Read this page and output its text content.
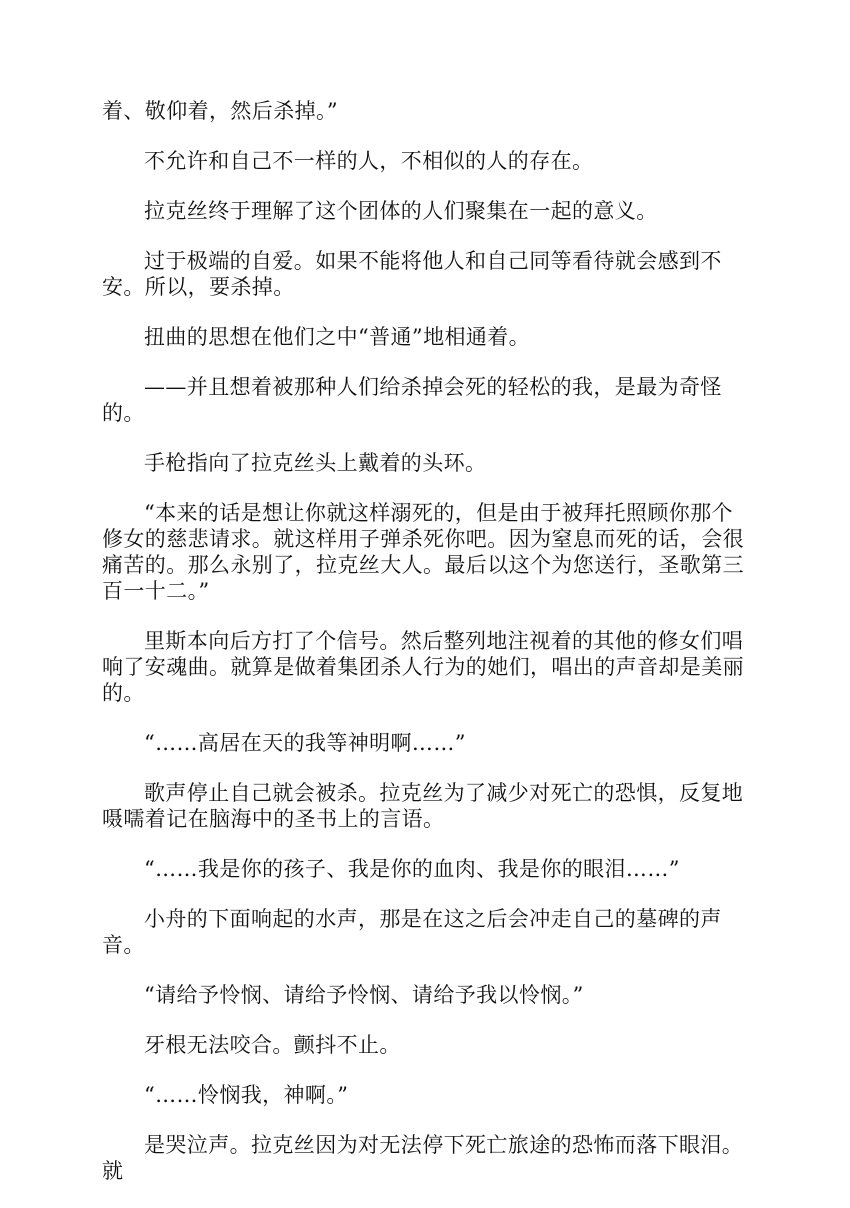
着、敬仰着，然后杀掉。”

不允许和自己不一样的人，不相似的人的存在。

拉克丝终于理解了这个团体的人们聚集在一起的意义。

过于极端的自爱。如果不能将他人和自己同等看待就会感到不安。所以，要杀掉。

扭曲的思想在他们之中“普通”地相通着。

——并且想着被那种人们给杀掉会死的轻松的我，是最为奇怪的。

手枪指向了拉克丝头上戴着的头环。

“本来的话是想让你就这样溺死的，但是由于被拜托照顾你那个修女的慈悲请求。就这样用子弹杀死你吧。因为窒息而死的话，会很痛苦的。那么永别了，拉克丝大人。最后以这个为您送行，圣歌第三百一十二。”

里斯本向后方打了个信号。然后整列地注视着的其他的修女们唱响了安魂曲。就算是做着集团杀人行为的她们，唱出的声音却是美丽的。

“……高居在天的我等神明啊……”

歌声停止自己就会被杀。拉克丝为了减少对死亡的恐惧，反复地嗫嚅着记在脑海中的圣书上的言语。

“……我是你的孩子、我是你的血肉、我是你的眼泪……”

小舟的下面响起的水声，那是在这之后会冲走自己的墓碑的声音。

“请给予怜悯、请给予怜悯、请给予我以怜悯。”

牙根无法咬合。颤抖不止。

“……怜悯我，神啊。”

是哭泣声。拉克丝因为对无法停下死亡旅途的恐怖而落下眼泪。就
